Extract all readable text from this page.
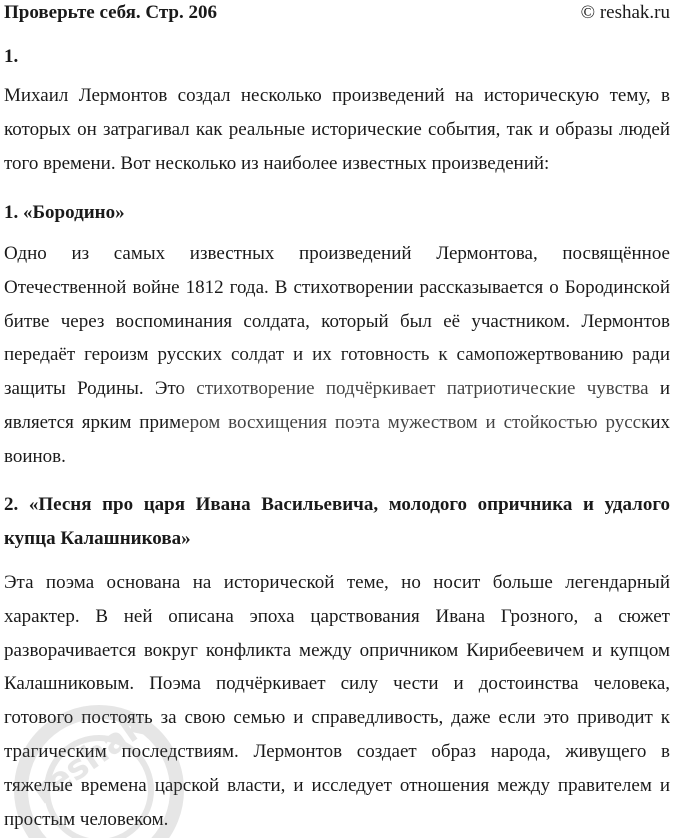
Проверьте себя. Стр. 206	© reshak.ru

1.

Михаил Лермонтов создал несколько произведений на историческую тему, в которых он затрагивал как реальные исторические события, так и образы людей того времени. Вот несколько из наиболее известных произведений:

1. «Бородино»

Одно из самых известных произведений Лермонтова, посвящённое Отечественной войне 1812 года. В стихотворении рассказывается о Бородинской битве через воспоминания солдата, который был её участником. Лермонтов передаёт героизм русских солдат и их готовность к самопожертвованию ради защиты Родины. Это стихотворение подчёркивает патриотические чувства и является ярким примером восхищения поэта мужеством и стойкостью русских воинов.

2. «Песня про царя Ивана Васильевича, молодого опричника и удалого купца Калашникова»

Эта поэма основана на исторической теме, но носит больше легендарный характер. В ней описана эпоха царствования Ивана Грозного, а сюжет разворачивается вокруг конфликта между опричником Кирибеевичем и купцом Калашниковым. Поэма подчёркивает силу чести и достоинства человека, готового постоять за свою семью и справедливость, даже если это приводит к трагическим последствиям. Лермонтов создает образ народа, живущего в тяжелые времена царской власти, и исследует отношения между правителем и простым человеком.

reshak
